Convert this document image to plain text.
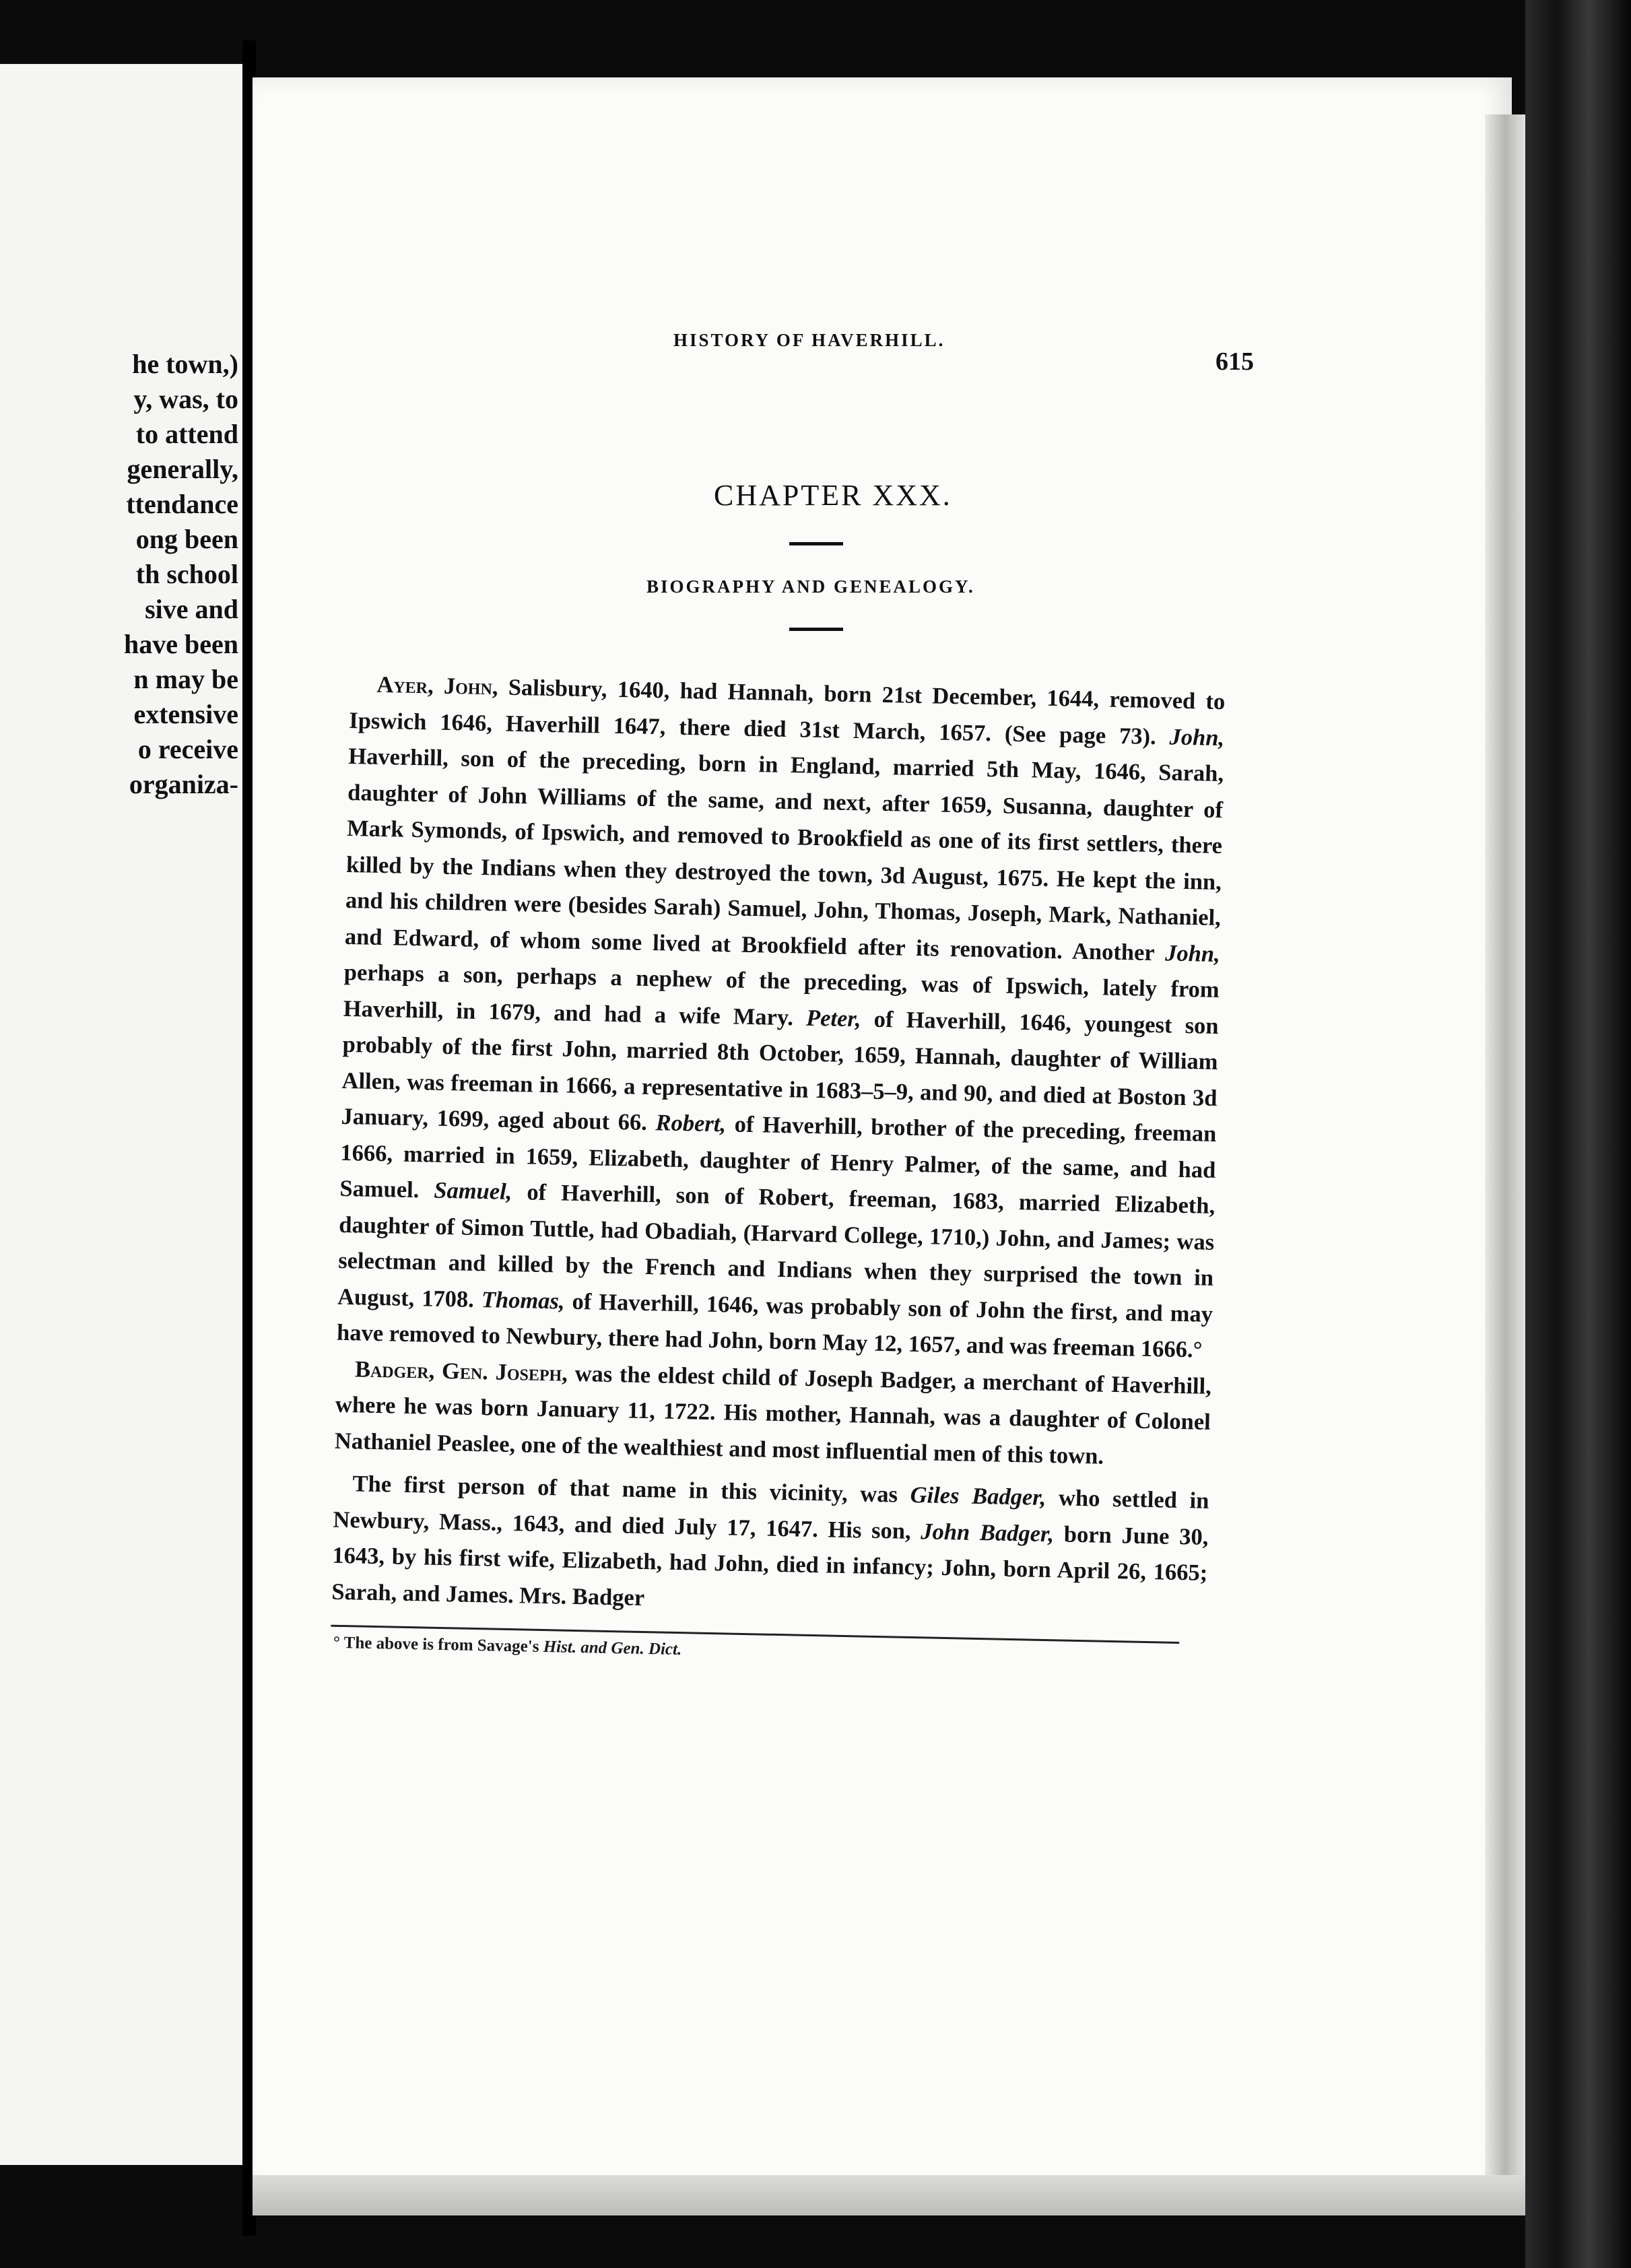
he town,)
y, was, to
to attend
generally,
ttendance
ong been
th school
sive and
have been
n may be
extensive
o receive
organiza-
HISTORY OF HAVERHILL.
615
CHAPTER XXX.
BIOGRAPHY AND GENEALOGY.

Ayer, John, Salisbury, 1640, had Hannah, born 21st December, 1644, removed to Ipswich 1646, Haverhill 1647, there died 31st March, 1657. (See page 73). John, Haverhill, son of the preceding, born in England, married 5th May, 1646, Sarah, daughter of John Williams of the same, and next, after 1659, Susanna, daughter of Mark Symonds, of Ipswich, and removed to Brookfield as one of its first settlers, there killed by the Indians when they destroyed the town, 3d August, 1675. He kept the inn, and his children were (besides Sarah) Samuel, John, Thomas, Joseph, Mark, Nathaniel, and Edward, of whom some lived at Brookfield after its renovation. Another John, perhaps a son, perhaps a nephew of the preceding, was of Ipswich, lately from Haverhill, in 1679, and had a wife Mary. Peter, of Haverhill, 1646, youngest son probably of the first John, married 8th October, 1659, Hannah, daughter of William Allen, was freeman in 1666, a representative in 1683–5–9, and 90, and died at Boston 3d January, 1699, aged about 66. Robert, of Haverhill, brother of the preceding, freeman 1666, married in 1659, Elizabeth, daughter of Henry Palmer, of the same, and had Samuel. Samuel, of Haverhill, son of Robert, freeman, 1683, married Elizabeth, daughter of Simon Tuttle, had Obadiah, (Harvard College, 1710,) John, and James; was selectman and killed by the French and Indians when they surprised the town in August, 1708. Thomas, of Haverhill, 1646, was probably son of John the first, and may have removed to Newbury, there had John, born May 12, 1657, and was freeman 1666.°

Badger, Gen. Joseph, was the eldest child of Joseph Badger, a merchant of Haverhill, where he was born January 11, 1722. His mother, Hannah, was a daughter of Colonel Nathaniel Peaslee, one of the wealthiest and most influential men of this town.

The first person of that name in this vicinity, was Giles Badger, who settled in Newbury, Mass., 1643, and died July 17, 1647. His son, John Badger, born June 30, 1643, by his first wife, Elizabeth, had John, died in infancy; John, born April 26, 1665; Sarah, and James. Mrs. Badger

° The above is from Savage's Hist. and Gen. Dict.
